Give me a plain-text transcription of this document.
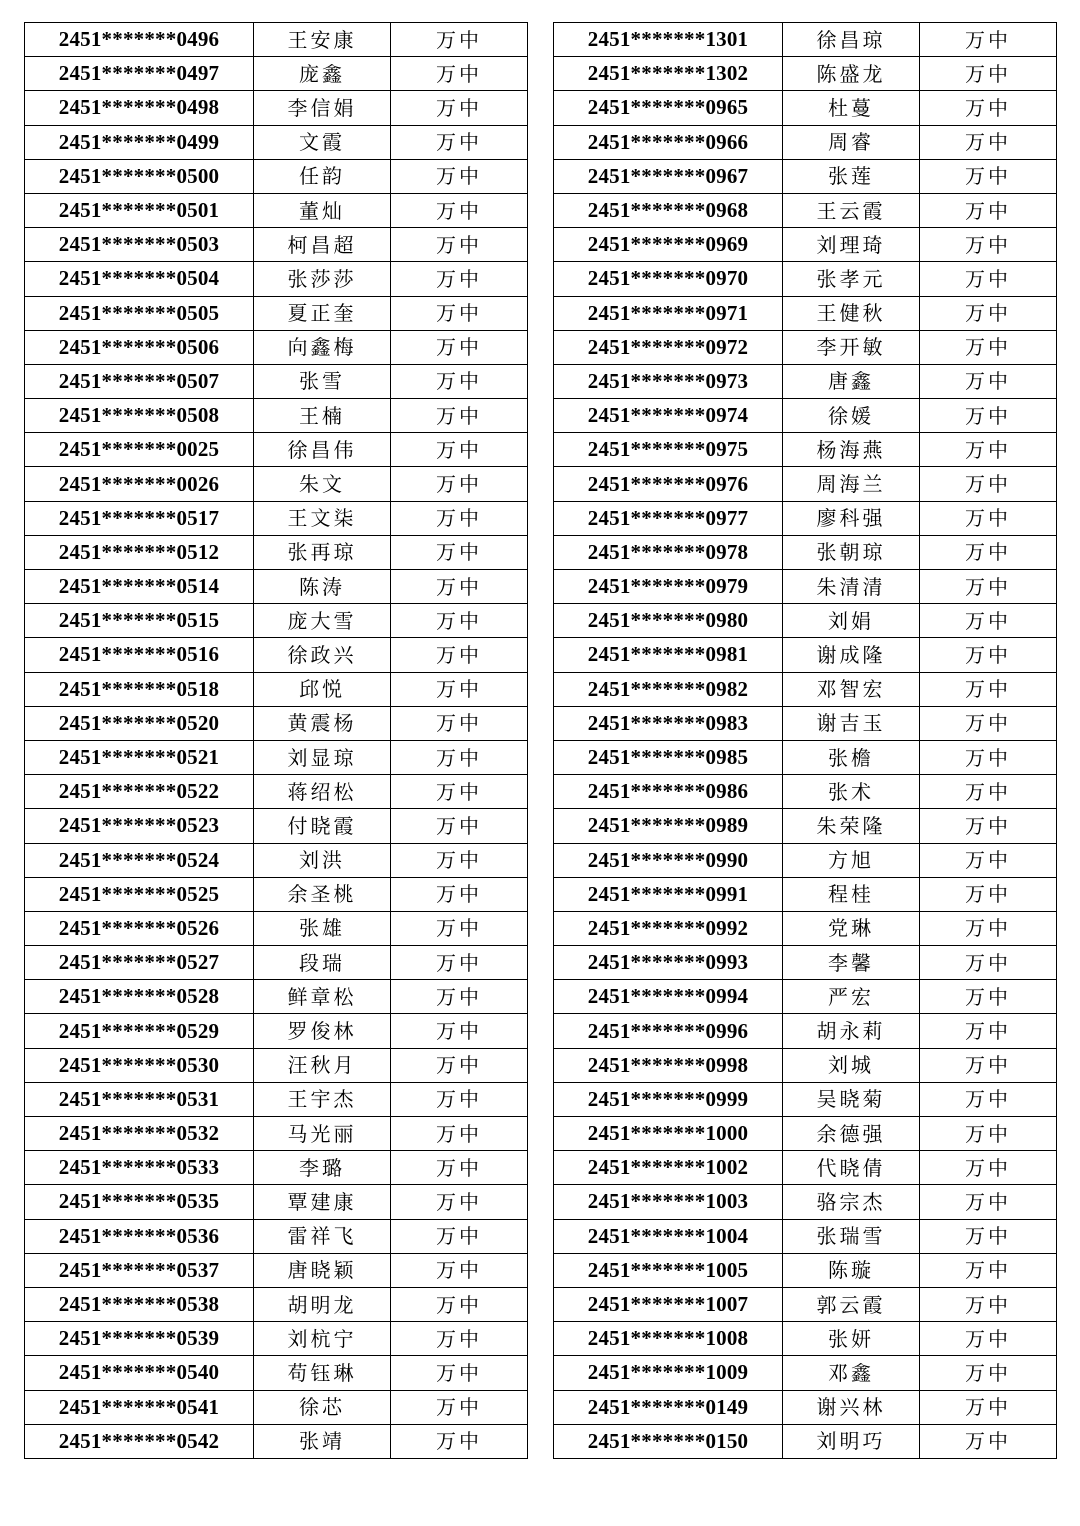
2451*******0496	王安康	万中
2451*******0497	庞鑫	万中
2451*******0498	李信娟	万中
2451*******0499	文霞	万中
2451*******0500	任韵	万中
2451*******0501	董灿	万中
2451*******0503	柯昌超	万中
2451*******0504	张莎莎	万中
2451*******0505	夏正奎	万中
2451*******0506	向鑫梅	万中
2451*******0507	张雪	万中
2451*******0508	王楠	万中
2451*******0025	徐昌伟	万中
2451*******0026	朱文	万中
2451*******0517	王文柒	万中
2451*******0512	张再琼	万中
2451*******0514	陈涛	万中
2451*******0515	庞大雪	万中
2451*******0516	徐政兴	万中
2451*******0518	邱悦	万中
2451*******0520	黄震杨	万中
2451*******0521	刘显琼	万中
2451*******0522	蒋绍松	万中
2451*******0523	付晓霞	万中
2451*******0524	刘洪	万中
2451*******0525	余圣桃	万中
2451*******0526	张雄	万中
2451*******0527	段瑞	万中
2451*******0528	鲜章松	万中
2451*******0529	罗俊林	万中
2451*******0530	汪秋月	万中
2451*******0531	王宇杰	万中
2451*******0532	马光丽	万中
2451*******0533	李璐	万中
2451*******0535	覃建康	万中
2451*******0536	雷祥飞	万中
2451*******0537	唐晓颖	万中
2451*******0538	胡明龙	万中
2451*******0539	刘杭宁	万中
2451*******0540	苟钰琳	万中
2451*******0541	徐芯	万中
2451*******0542	张靖	万中
2451*******1301	徐昌琼	万中
2451*******1302	陈盛龙	万中
2451*******0965	杜蔓	万中
2451*******0966	周睿	万中
2451*******0967	张莲	万中
2451*******0968	王云霞	万中
2451*******0969	刘理琦	万中
2451*******0970	张孝元	万中
2451*******0971	王健秋	万中
2451*******0972	李开敏	万中
2451*******0973	唐鑫	万中
2451*******0974	徐媛	万中
2451*******0975	杨海燕	万中
2451*******0976	周海兰	万中
2451*******0977	廖科强	万中
2451*******0978	张朝琼	万中
2451*******0979	朱清清	万中
2451*******0980	刘娟	万中
2451*******0981	谢成隆	万中
2451*******0982	邓智宏	万中
2451*******0983	谢吉玉	万中
2451*******0985	张檐	万中
2451*******0986	张术	万中
2451*******0989	朱荣隆	万中
2451*******0990	方旭	万中
2451*******0991	程桂	万中
2451*******0992	党琳	万中
2451*******0993	李馨	万中
2451*******0994	严宏	万中
2451*******0996	胡永莉	万中
2451*******0998	刘城	万中
2451*******0999	吴晓菊	万中
2451*******1000	余德强	万中
2451*******1002	代晓倩	万中
2451*******1003	骆宗杰	万中
2451*******1004	张瑞雪	万中
2451*******1005	陈璇	万中
2451*******1007	郭云霞	万中
2451*******1008	张妍	万中
2451*******1009	邓鑫	万中
2451*******0149	谢兴林	万中
2451*******0150	刘明巧	万中
